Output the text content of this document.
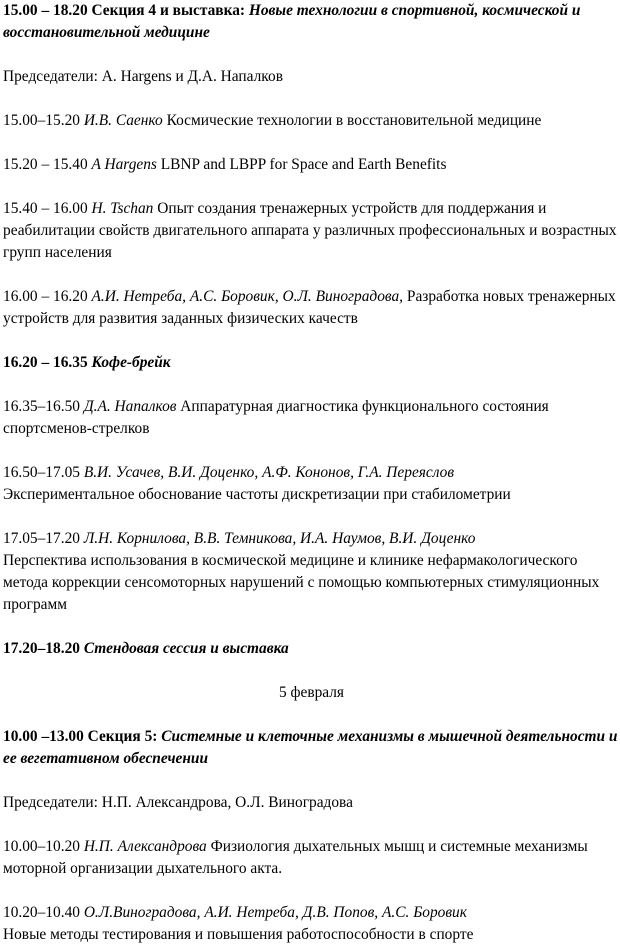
15.00 – 18.20 Секция 4 и выставка: Новые технологии в спортивной, космической и восстановительной медицине

Председатели: A. Hargens и Д.А. Напалков

15.00–15.20 И.В. Саенко Космические технологии в восстановительной медицине

15.20 – 15.40 A Hargens LBNP and LBPP for Space and Earth Benefits

15.40 – 16.00 H. Tschan Опыт создания тренажерных устройств для поддержания и реабилитации свойств двигательного аппарата у различных профессиональных и возрастных групп населения

16.00 – 16.20 А.И. Нетреба, А.С. Боровик, О.Л. Виноградова, Разработка новых тренажерных устройств для развития заданных физических качеств

16.20 – 16.35 Кофе-брейк

16.35–16.50 Д.А. Напалков Аппаратурная диагностика функционального состояния спортсменов-стрелков

16.50–17.05 В.И. Усачев, В.И. Доценко, А.Ф. Кононов, Г.А. Переяслов
Экспериментальное обоснование частоты дискретизации при стабилометрии

17.05–17.20 Л.Н. Корнилова, В.В. Темникова, И.А. Наумов, В.И. Доценко
Перспектива использования в космической медицине и клинике нефармакологического метода коррекции сенсомоторных нарушений с помощью компьютерных стимуляционных программ

17.20–18.20 Стендовая сессия и выставка

5 февраля

10.00 –13.00 Секция 5: Системные и клеточные механизмы в мышечной деятельности и ее вегетативном обеспечении

Председатели: Н.П. Александрова, О.Л. Виноградова

10.00–10.20 Н.П. Александрова Физиология дыхательных мышц и системные механизмы моторной организации дыхательного акта.

10.20–10.40 О.Л.Виноградова, А.И. Нетреба, Д.В. Попов, А.С. Боровик
Новые методы тестирования и повышения работоспособности в спорте
